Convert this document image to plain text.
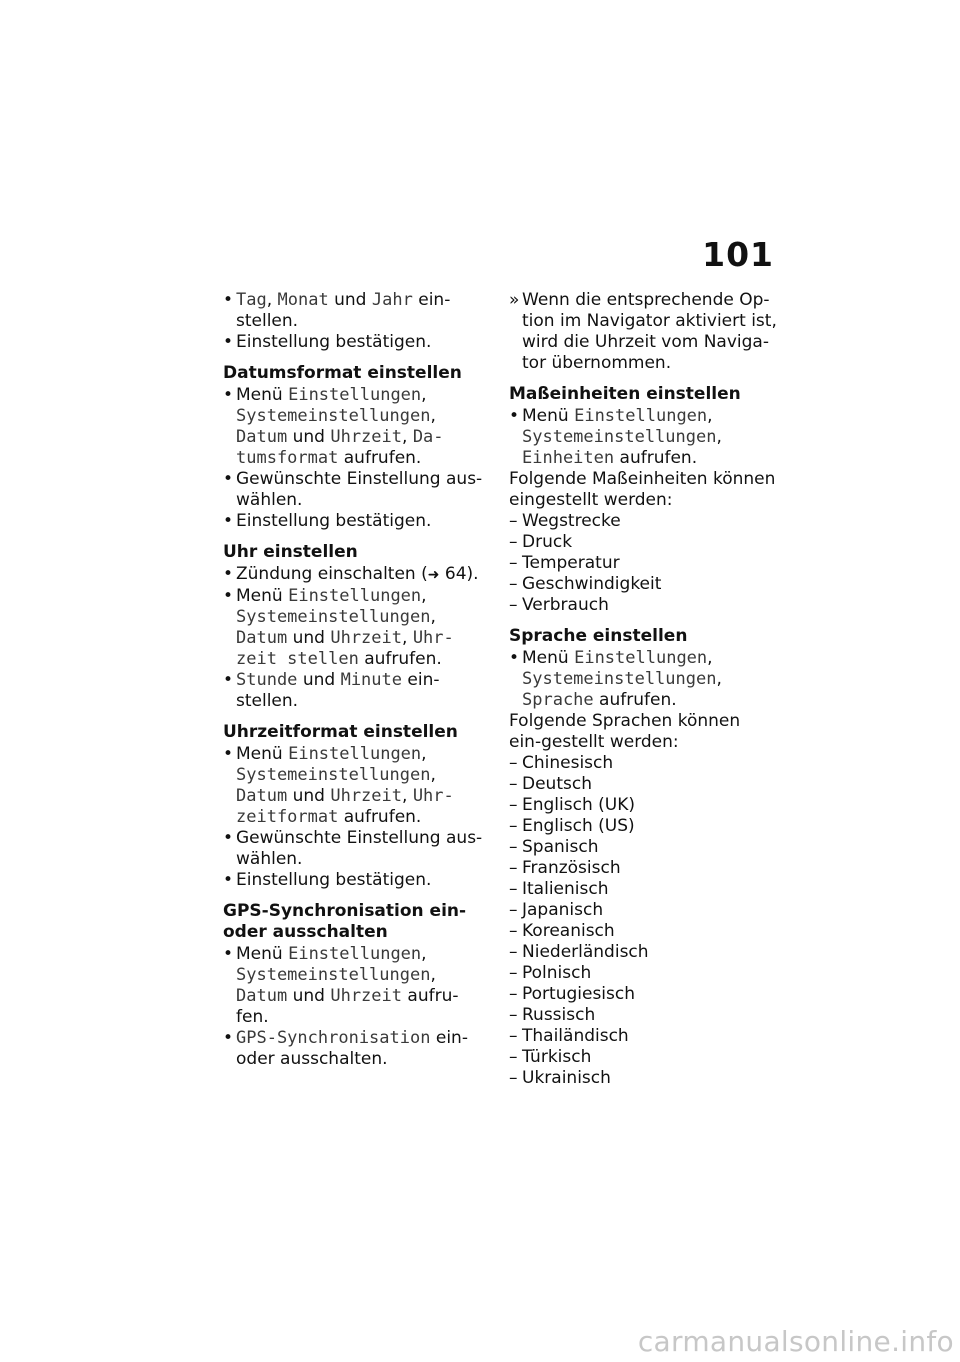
101
• Tag, Monat und Jahr ein-stellen.
• Einstellung bestätigen.
Datumsformat einstellen
• Menü Einstellungen, Systemeinstellungen, Datum und Uhrzeit, Da-tumsformat aufrufen.
• Gewünschte Einstellung aus-wählen.
• Einstellung bestätigen.
Uhr einstellen
• Zündung einschalten (➜ 64).
• Menü Einstellungen, Systemeinstellungen, Datum und Uhrzeit, Uhr-zeit stellen aufrufen.
• Stunde und Minute ein-stellen.
Uhrzeitformat einstellen
• Menü Einstellungen, Systemeinstellungen, Datum und Uhrzeit, Uhr-zeitformat aufrufen.
• Gewünschte Einstellung aus-wählen.
• Einstellung bestätigen.
GPS-Synchronisation ein- oder ausschalten
• Menü Einstellungen, Systemeinstellungen, Datum und Uhrzeit aufru-fen.
• GPS-Synchronisation ein- oder ausschalten.
» Wenn die entsprechende Op-tion im Navigator aktiviert ist, wird die Uhrzeit vom Naviga-tor übernommen.
Maßeinheiten einstellen
• Menü Einstellungen, Systemeinstellungen, Einheiten aufrufen.
Folgende Maßeinheiten können eingestellt werden:
– Wegstrecke
– Druck
– Temperatur
– Geschwindigkeit
– Verbrauch
Sprache einstellen
• Menü Einstellungen, Systemeinstellungen, Sprache aufrufen.
Folgende Sprachen können ein-gestellt werden:
– Chinesisch
– Deutsch
– Englisch (UK)
– Englisch (US)
– Spanisch
– Französisch
– Italienisch
– Japanisch
– Koreanisch
– Niederländisch
– Polnisch
– Portugiesisch
– Russisch
– Thailändisch
– Türkisch
– Ukrainisch
carmanualsonline.info
